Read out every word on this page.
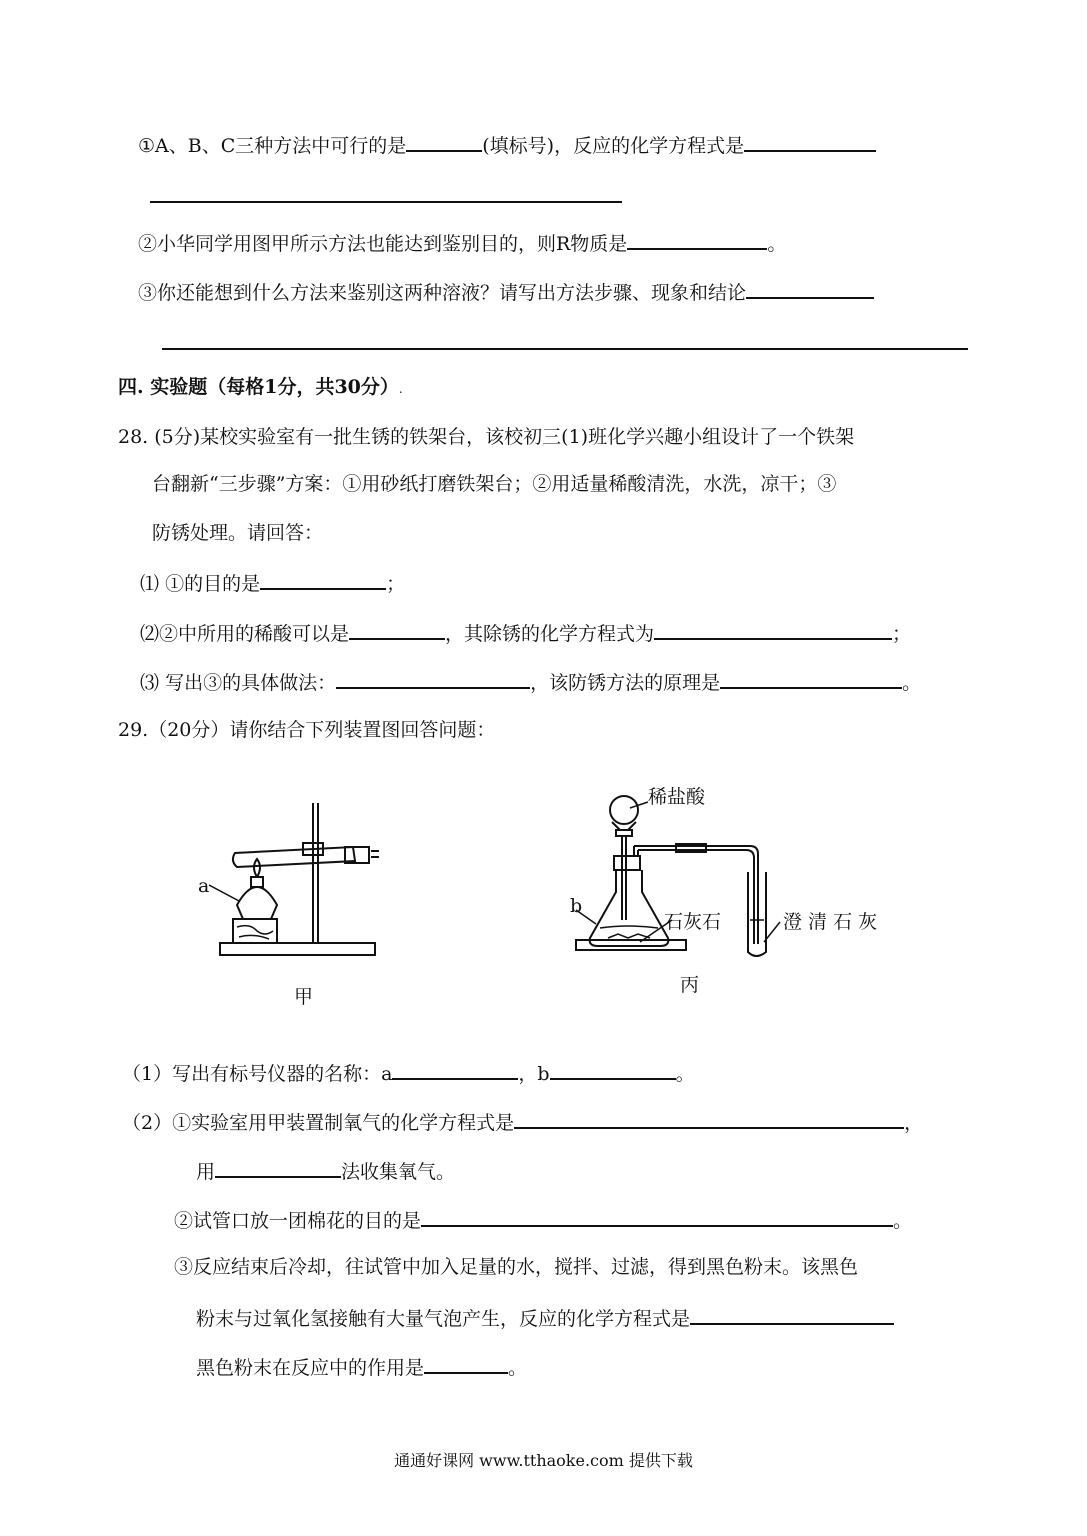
①A、B、C三种方法中可行的是	(填标号)，反应的化学方程式是
②小华同学用图甲所示方法也能达到鉴别目的，则R物质是	。
③你还能想到什么方法来鉴别这两种溶液？请写出方法步骤、现象和结论
四. 实验题（每格1分，共30分）.
28. (5分)某校实验室有一批生锈的铁架台，该校初三(1)班化学兴趣小组设计了一个铁架
台翻新“三步骤”方案：①用砂纸打磨铁架台；②用适量稀酸清洗，水洗，凉干；③
防锈处理。请回答：
⑴ ①的目的是	；
⑵②中所用的稀酸可以是	，其除锈的化学方程式为	；
⑶ 写出③的具体做法：	，该防锈方法的原理是	。
29.（20分）请你结合下列装置图回答问题：
a
甲
稀盐酸
b
石灰石	澄 清 石 灰
丙
（1）写出有标号仪器的名称：a	，b	。
（2）①实验室用甲装置制氧气的化学方程式是	，
用	法收集氧气。
②试管口放一团棉花的目的是	。
③反应结束后冷却，往试管中加入足量的水，搅拌、过滤，得到黑色粉末。该黑色
粉末与过氧化氢接触有大量气泡产生，反应的化学方程式是
黑色粉末在反应中的作用是	。
通通好课网 www.tthaoke.com 提供下载
